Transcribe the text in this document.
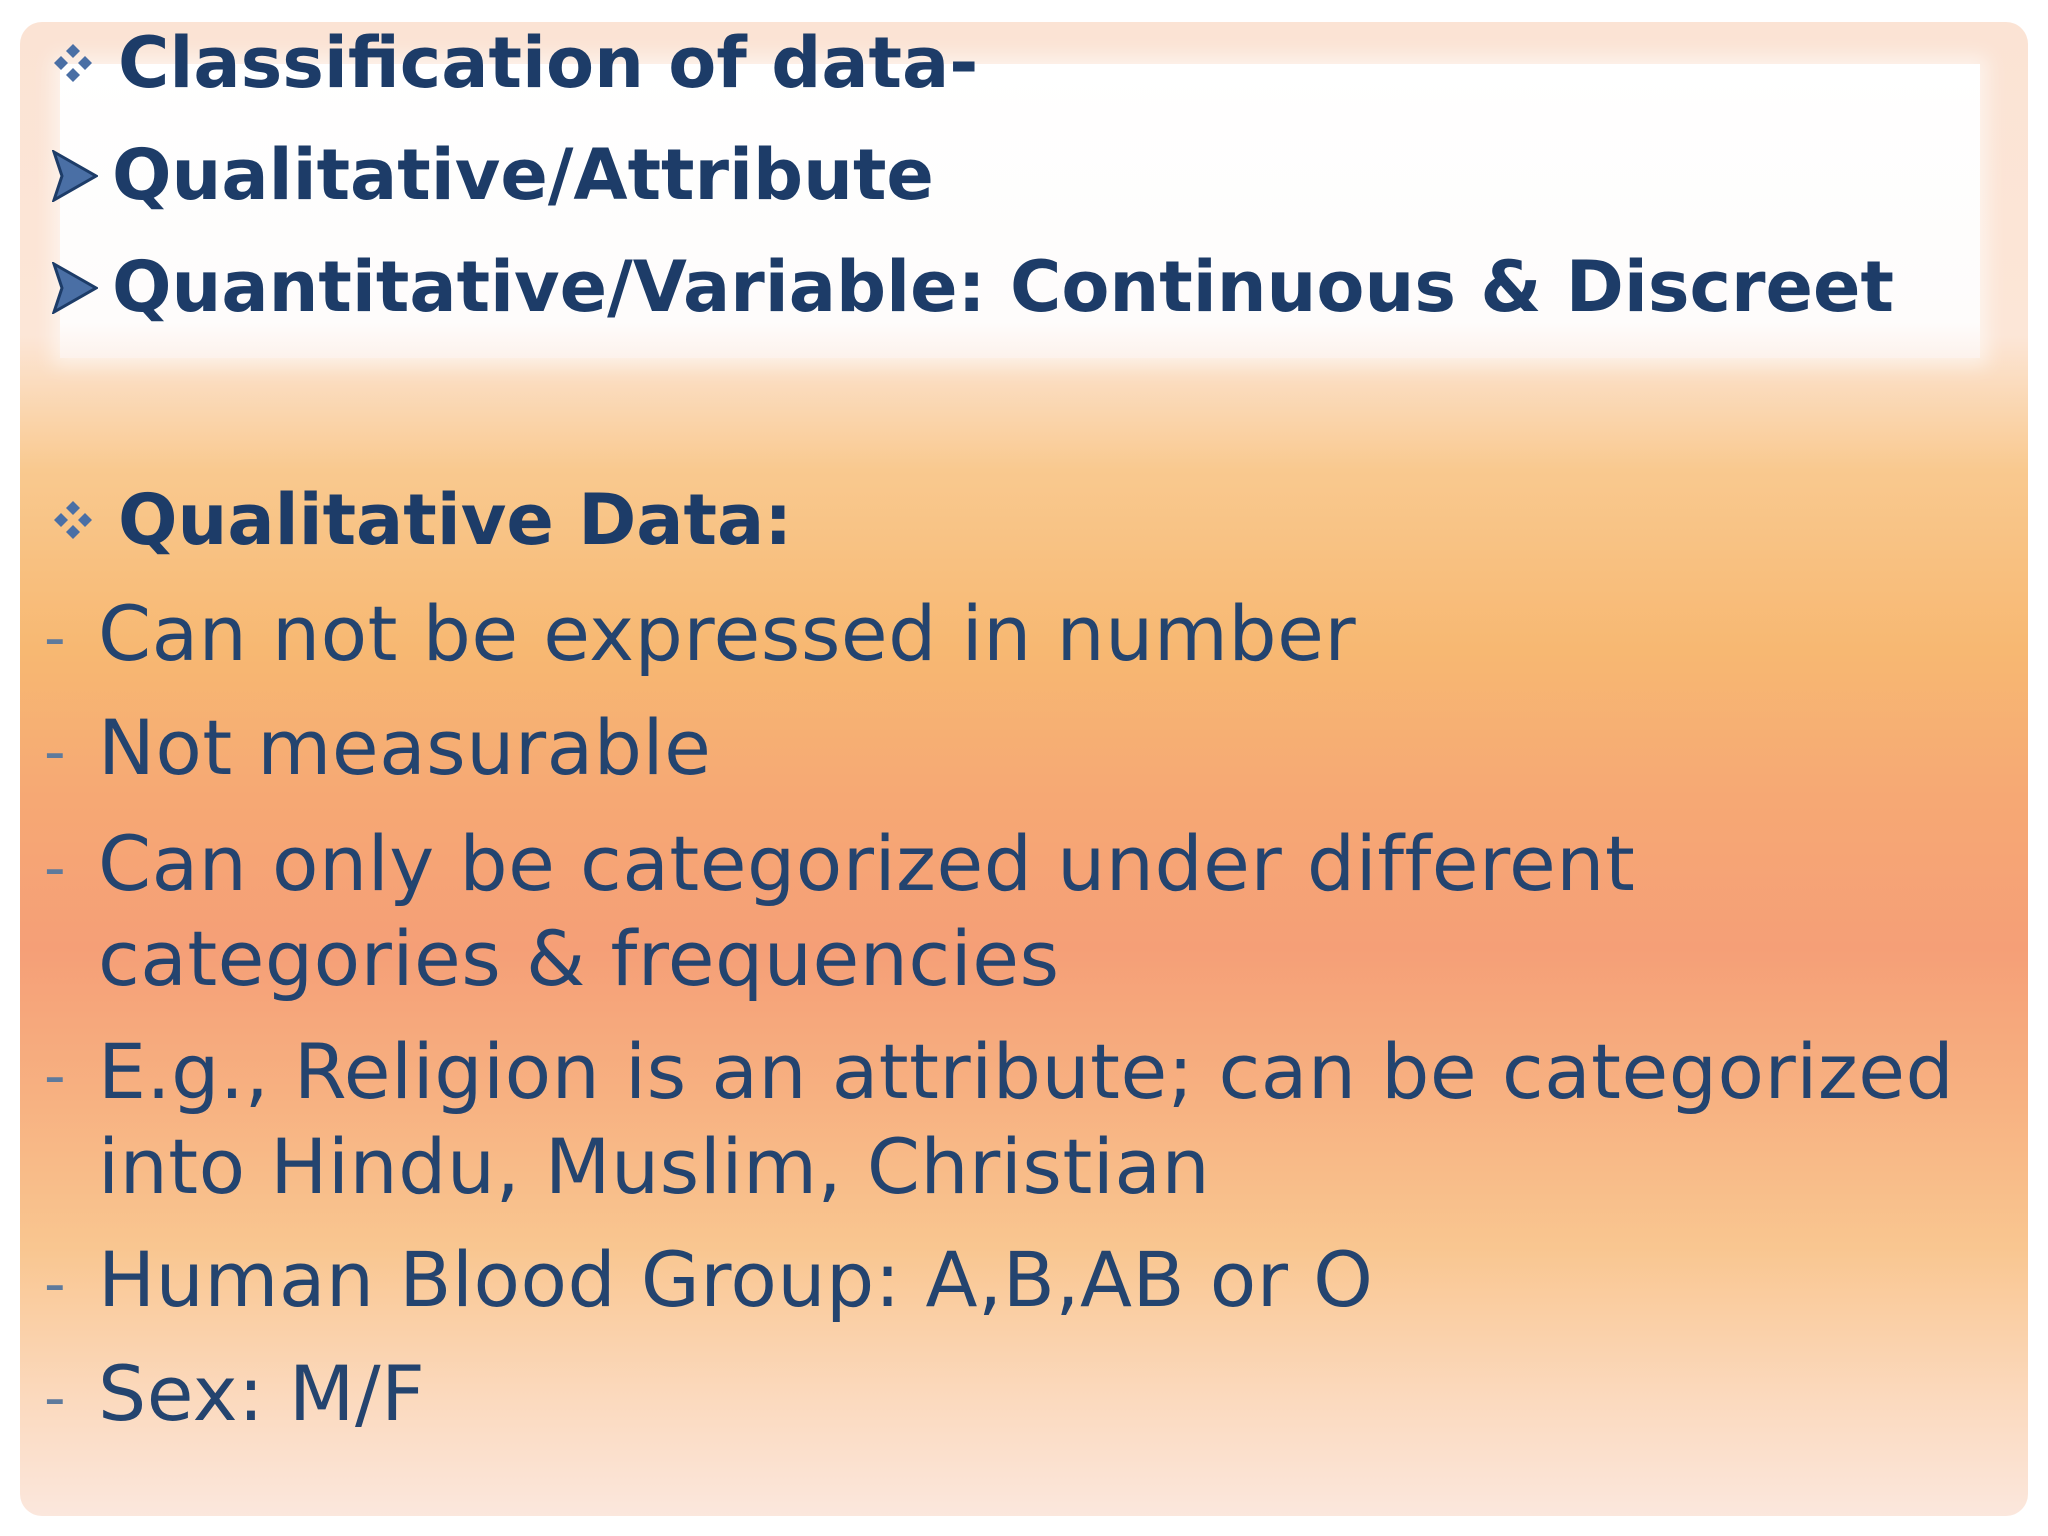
Classification of data-
Qualitative/Attribute
Quantitative/Variable: Continuous & Discreet
Qualitative Data:
- Can not be expressed in number
- Not measurable
- Can only be categorized under different
categories & frequencies
- E.g., Religion is an attribute; can be categorized
into Hindu, Muslim, Christian
- Human Blood Group: A,B,AB or O
- Sex: M/F
